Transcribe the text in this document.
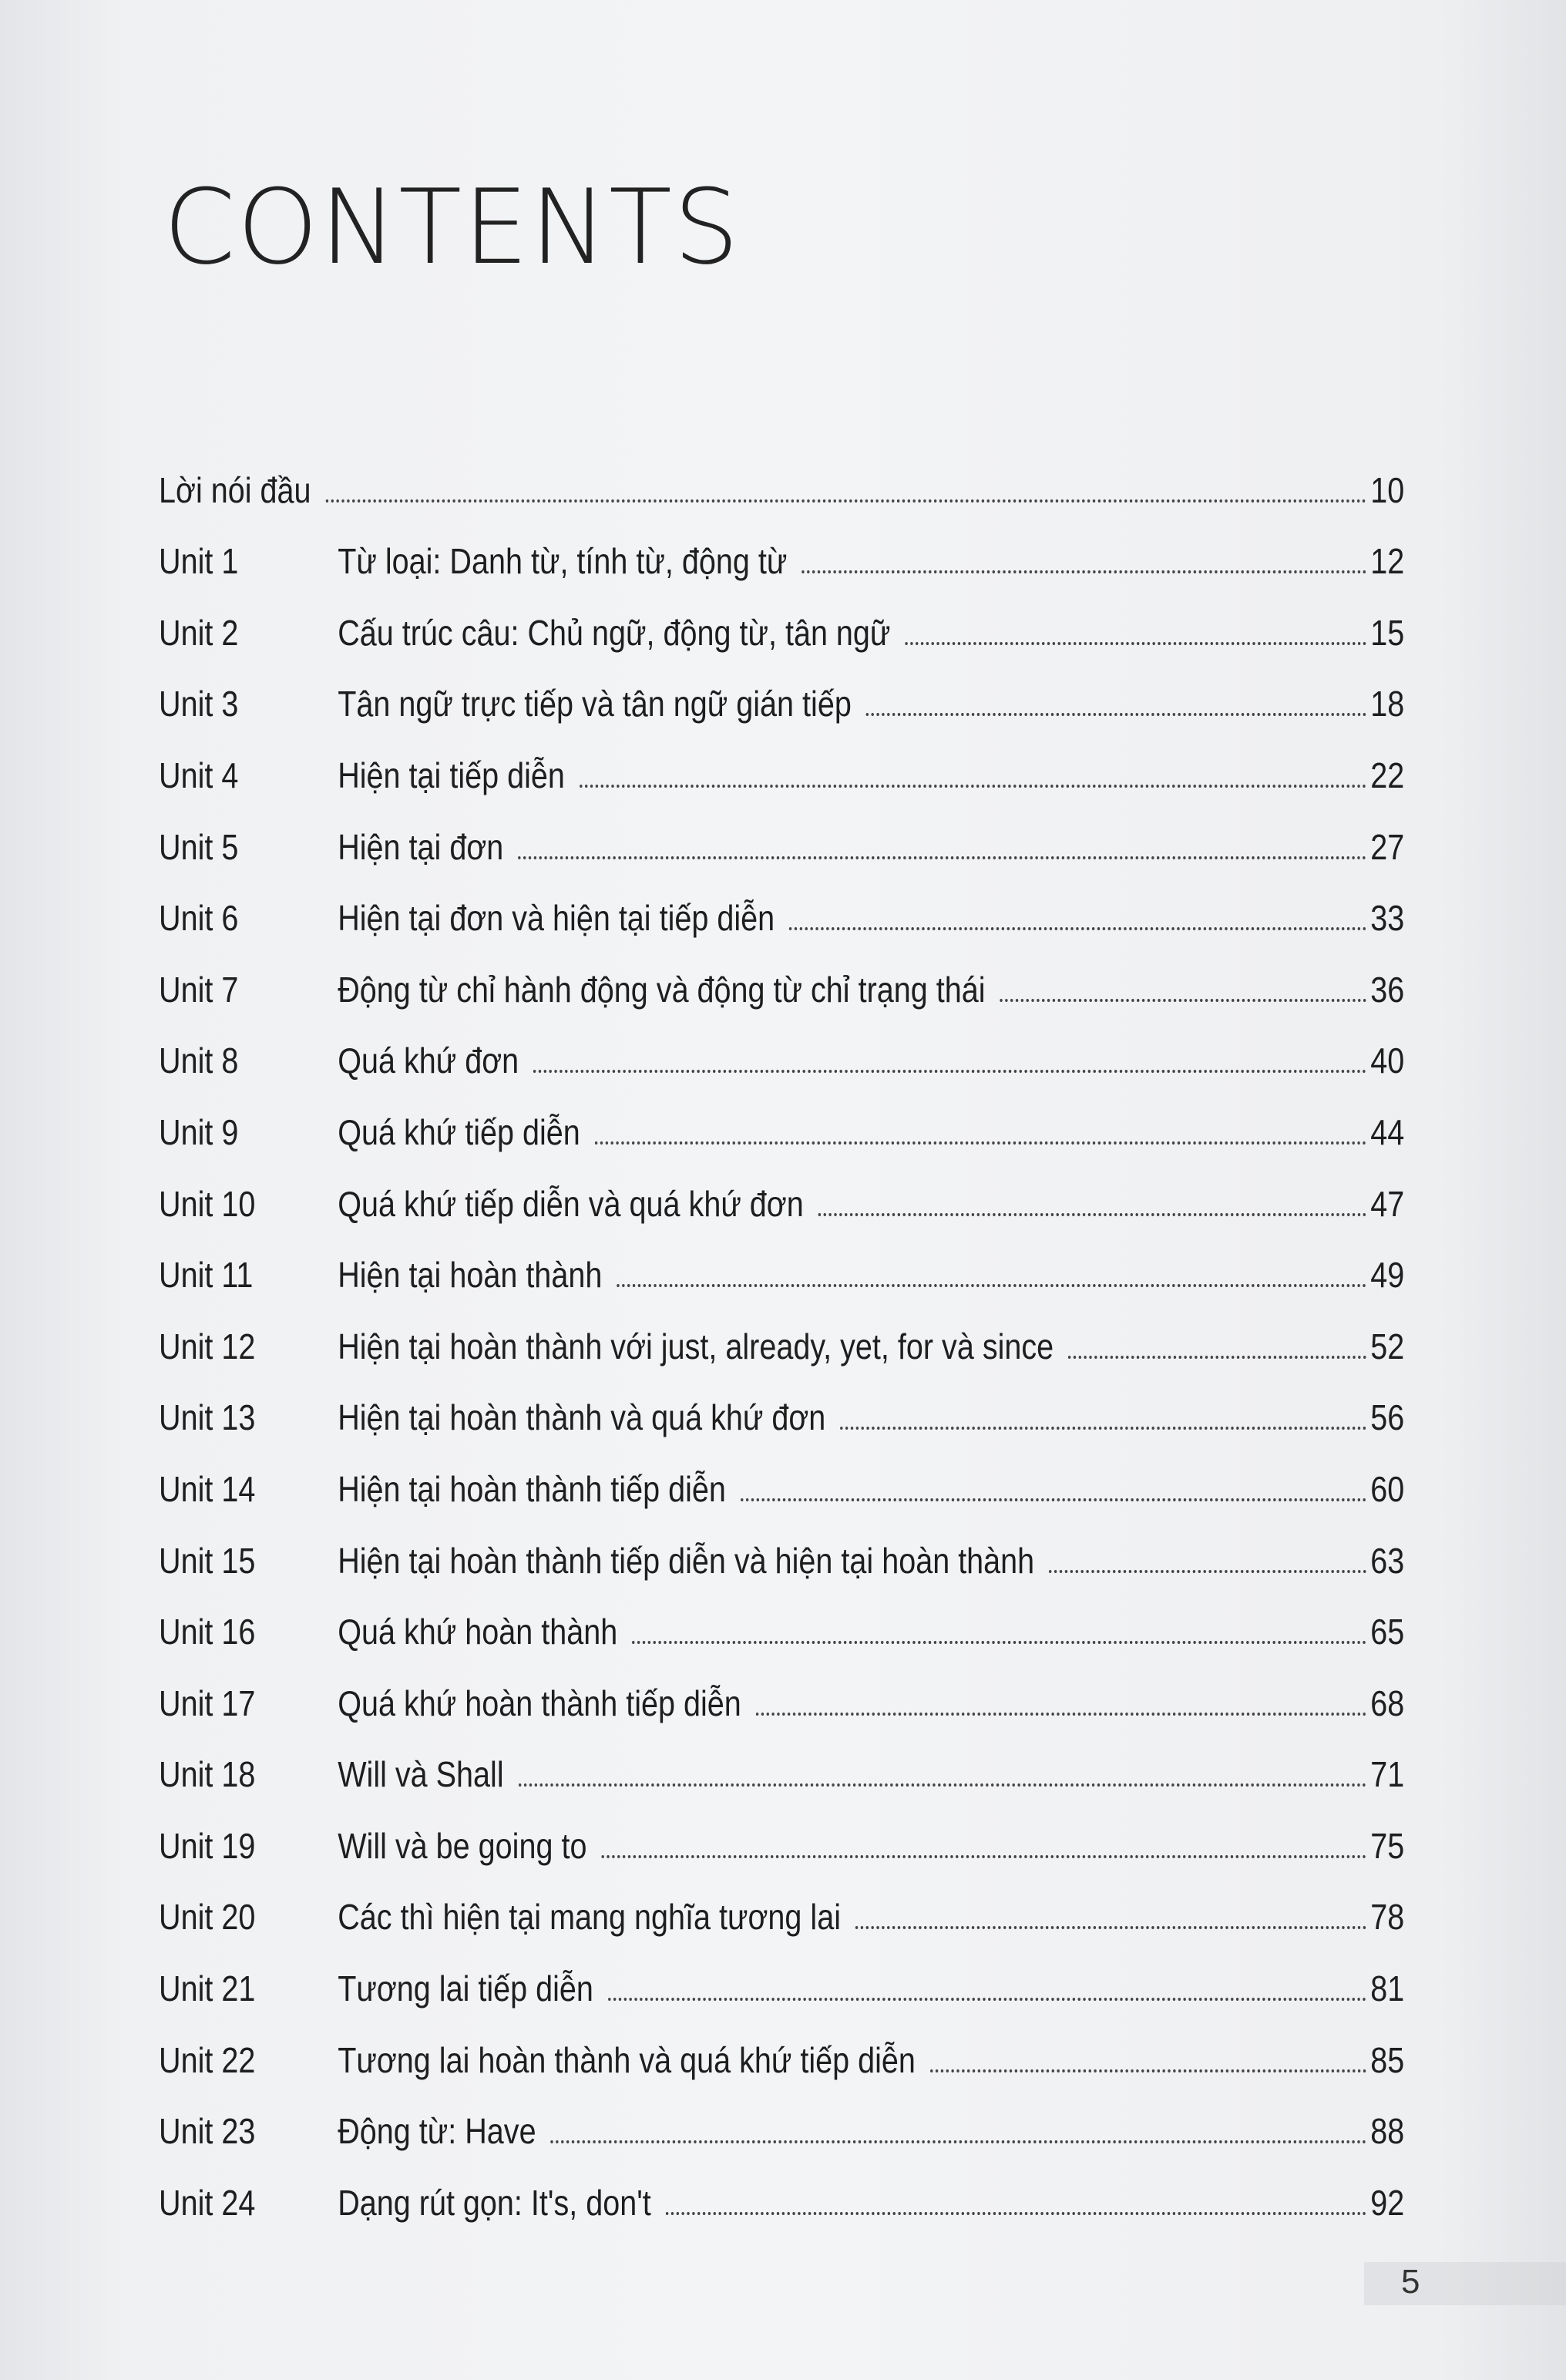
CONTENTS
Lời nói đầu	10
Unit 1	Từ loại: Danh từ, tính từ, động từ	12
Unit 2	Cấu trúc câu: Chủ ngữ, động từ, tân ngữ	15
Unit 3	Tân ngữ trực tiếp và tân ngữ gián tiếp	18
Unit 4	Hiện tại tiếp diễn	22
Unit 5	Hiện tại đơn	27
Unit 6	Hiện tại đơn và hiện tại tiếp diễn	33
Unit 7	Động từ chỉ hành động và động từ chỉ trạng thái	36
Unit 8	Quá khứ đơn	40
Unit 9	Quá khứ tiếp diễn	44
Unit 10	Quá khứ tiếp diễn và quá khứ đơn	47
Unit 11	Hiện tại hoàn thành	49
Unit 12	Hiện tại hoàn thành với just, already, yet, for và since	52
Unit 13	Hiện tại hoàn thành và quá khứ đơn	56
Unit 14	Hiện tại hoàn thành tiếp diễn	60
Unit 15	Hiện tại hoàn thành tiếp diễn và hiện tại hoàn thành	63
Unit 16	Quá khứ hoàn thành	65
Unit 17	Quá khứ hoàn thành tiếp diễn	68
Unit 18	Will và Shall	71
Unit 19	Will và be going to	75
Unit 20	Các thì hiện tại mang nghĩa tương lai	78
Unit 21	Tương lai tiếp diễn	81
Unit 22	Tương lai hoàn thành và quá khứ tiếp diễn	85
Unit 23	Động từ: Have	88
Unit 24	Dạng rút gọn: It's, don't	92
5
